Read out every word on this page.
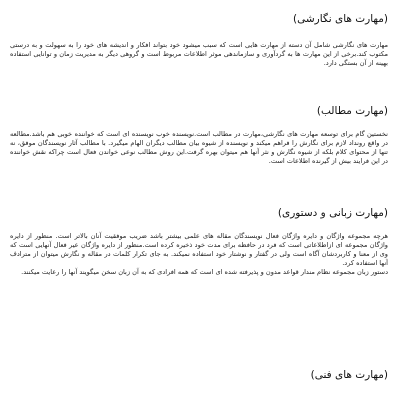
(مهارت های نگارشی)

مهارت های نگارشی شامل آن دسته از مهارت هایی است که سبب میشود خود بتواند افکار و اندیشه های خود را به سهولت و به درستی مکتوب کند.برخی از این مهارت ها به گردآوری و سازماندهی موثر اطلاعات مربوط است و گروهی دیگر به مدیریت زمان و توانایی استفاده بهینه از آن بستگی دارد.

(مهارت مطالب)

نخستین گام برای توسعه مهارت های نگارشی،مهارت در مطالب است.نویسنده خوب نویسنده ای است که خواننده خوبی هم باشد.مطالعه در واقع رونداد لازم برای نگارش را فراهم میکند و نویسنده از شیوه بیان مطالب دیگران الهام میگیرد. با مطالب آثار نویسندگان موفق، نه تنها از محتوای کلام بلکه از شیوه نگارش و نثر آنها هم میتوان بهره گرفت.این روش مطالب نوعی خواندن فعال است چراکه نقش خواننده در این فرایند بیش از گیرنده اطلاعات است.

(مهارت زبانی و دستوری)

هرچه مجموعه واژگان و دایره واژگان فعال نویسندگان مقاله های علمی بیشتر باشد ضریب موفقیت آنان بالاتر است. منظور از دایره واژگان مجموعه ای ازاطلاعاتی است که فرد در حافظه برای مدت خود ذخیره کرده است.منظور از دایره واژگان عیر فعال آنهایی است که وی از معنا و کاربردشان آگاه است ولی در گفتار و نوشتار خود استفاده نمیکند. به جای تکرار کلمات در مقاله و نگارش میتوان از مترادف آنها استفاده کرد.
دستور زبان مجموعه نظام مندار قواعد مدون و پذیرفته شده ای است که همه افرادی که به آن زبان سخن میگویند آنها را رعایت میکنند.

(مهارت های فنی)
